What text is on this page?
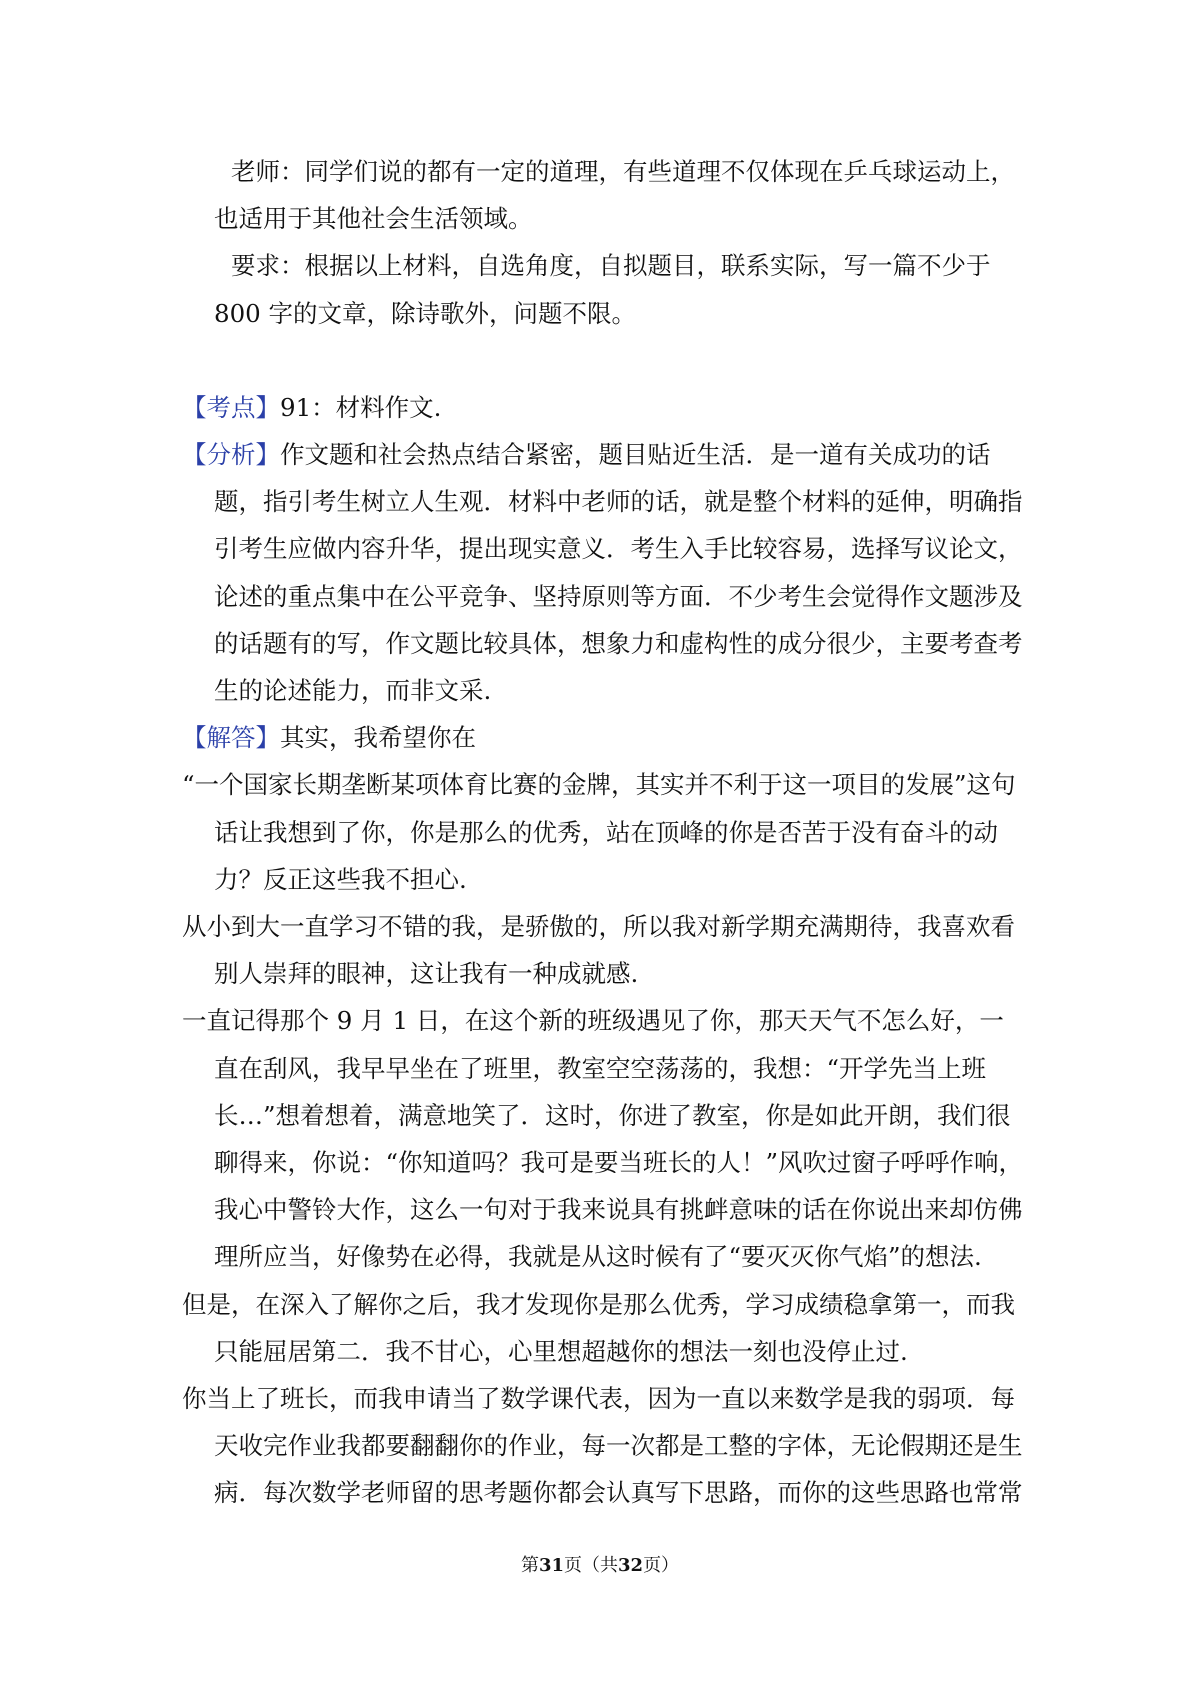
老师：同学们说的都有一定的道理，有些道理不仅体现在乒乓球运动上，也适用于其他社会生活领域。

要求：根据以上材料，自选角度，自拟题目，联系实际，写一篇不少于 800 字的文章，除诗歌外，问题不限。

【考点】91：材料作文.

【分析】作文题和社会热点结合紧密，题目贴近生活．是一道有关成功的话题，指引考生树立人生观．材料中老师的话，就是整个材料的延伸，明确指引考生应做内容升华，提出现实意义．考生入手比较容易，选择写议论文，论述的重点集中在公平竞争、坚持原则等方面．不少考生会觉得作文题涉及的话题有的写，作文题比较具体，想象力和虚构性的成分很少，主要考查考生的论述能力，而非文采.

【解答】其实，我希望你在

“一个国家长期垄断某项体育比赛的金牌，其实并不利于这一项目的发展”这句话让我想到了你，你是那么的优秀，站在顶峰的你是否苦于没有奋斗的动力？反正这些我不担心.

从小到大一直学习不错的我，是骄傲的，所以我对新学期充满期待，我喜欢看别人崇拜的眼神，这让我有一种成就感.

一直记得那个 9 月 1 日，在这个新的班级遇见了你，那天天气不怎么好，一直在刮风，我早早坐在了班里，教室空空荡荡的，我想：“开学先当上班长…”想着想着，满意地笑了．这时，你进了教室，你是如此开朗，我们很聊得来，你说：“你知道吗？我可是要当班长的人！”风吹过窗子呼呼作响，我心中警铃大作，这么一句对于我来说具有挑衅意味的话在你说出来却仿佛理所应当，好像势在必得，我就是从这时候有了“要灭灭你气焰”的想法.

但是，在深入了解你之后，我才发现你是那么优秀，学习成绩稳拿第一，而我只能屈居第二．我不甘心，心里想超越你的想法一刻也没停止过.

你当上了班长，而我申请当了数学课代表，因为一直以来数学是我的弱项．每天收完作业我都要翻翻你的作业，每一次都是工整的字体，无论假期还是生病．每次数学老师留的思考题你都会认真写下思路，而你的这些思路也常常

第31页（共32页）
